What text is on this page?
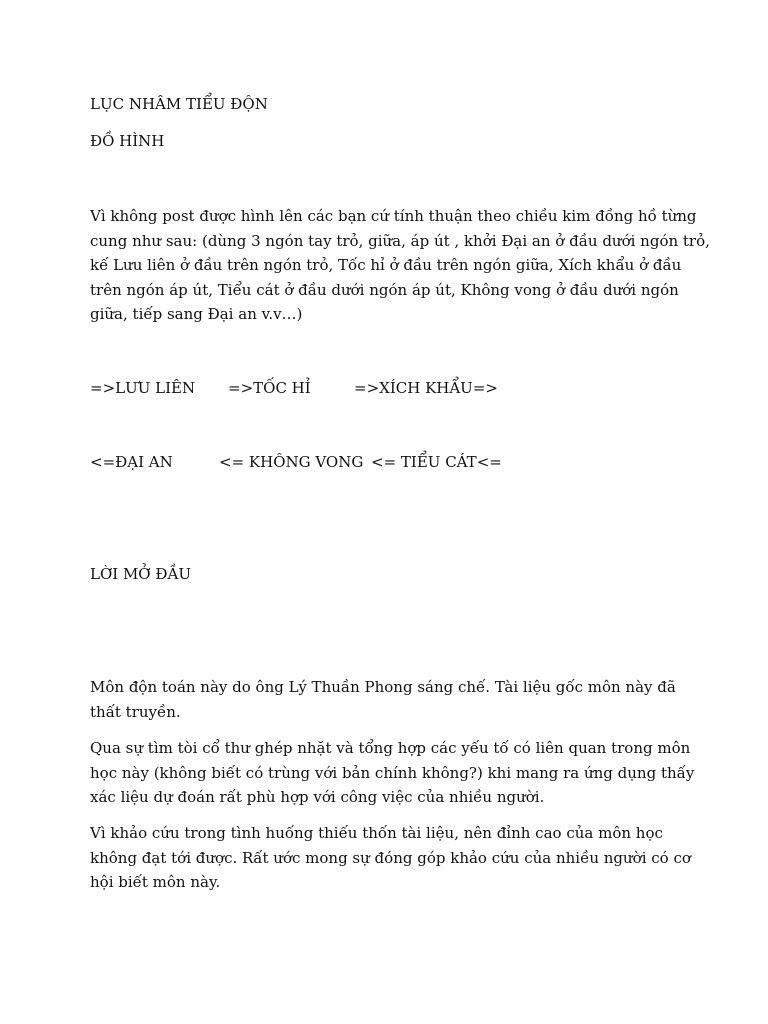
LỤC NHÂM TIỂU ĐỘN

ĐỒ HÌNH

Vì không post được hình lên các bạn cứ tính thuận theo chiều kim đồng hồ từng cung như sau: (dùng 3 ngón tay trỏ, giữa, áp út , khởi Đại an ở đầu dưới ngón trỏ, kế Lưu liên ở đầu trên ngón trỏ, Tốc hỉ ở đầu trên ngón giữa, Xích khẩu ở đầu trên ngón áp út, Tiểu cát ở đầu dưới ngón áp út, Không vong ở đầu dưới ngón giữa, tiếp sang Đại an v.v…)

=>LƯU LIÊN =>TỐC HỈ	=>XÍCH KHẨU=>
<=ĐẠI AN	<= KHÔNG VONG <= TIỂU CÁT<=

LỜI MỞ ĐẦU

Môn độn toán này do ông Lý Thuần Phong sáng chế. Tài liệu gốc môn này đã thất truyền.

Qua sự tìm tòi cổ thư ghép nhặt và tổng hợp các yếu tố có liên quan trong môn học này (không biết có trùng với bản chính không?) khi mang ra ứng dụng thấy xác liệu dự đoán rất phù hợp với công việc của nhiều người.

Vì khảo cứu trong tình huống thiếu thốn tài liệu, nên đỉnh cao của môn học không đạt tới được. Rất ước mong sự đóng góp khảo cứu của nhiều người có cơ hội biết môn này.
